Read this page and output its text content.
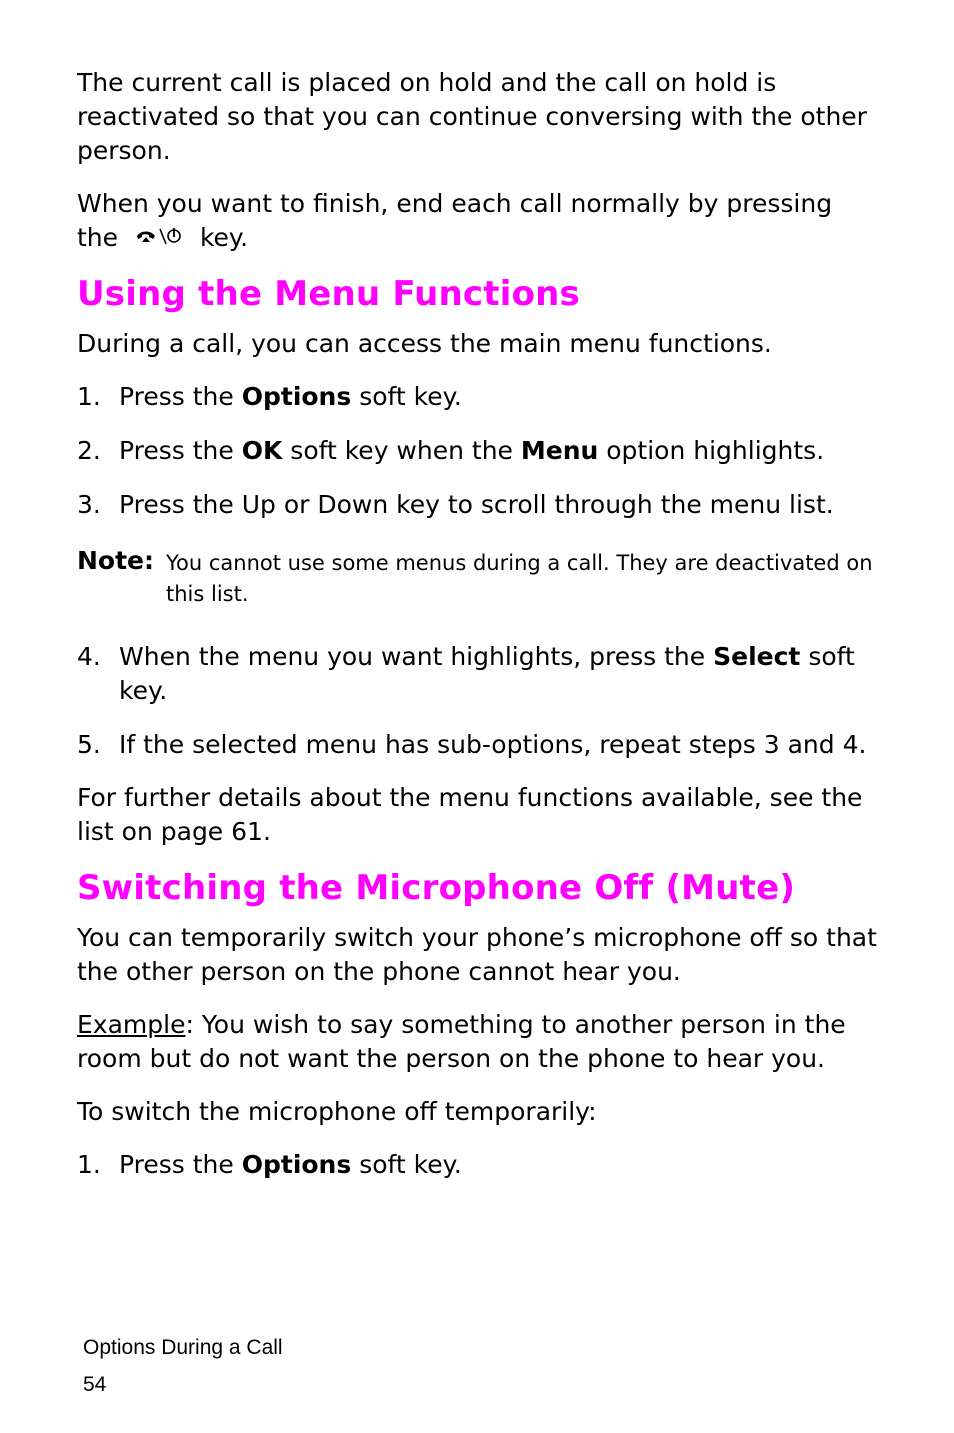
The current call is placed on hold and the call on hold is reactivated so that you can continue conversing with the other person.

When you want to finish, end each call normally by pressing the	key.

Using the Menu Functions

During a call, you can access the main menu functions.

1. Press the Options soft key.
2. Press the OK soft key when the Menu option highlights.
3. Press the Up or Down key to scroll through the menu list.
Note: You cannot use some menus during a call. They are deactivated on this list.
4. When the menu you want highlights, press the Select soft key.
5. If the selected menu has sub-options, repeat steps 3 and 4.

For further details about the menu functions available, see the list on page 61.

Switching the Microphone Off (Mute)

You can temporarily switch your phone’s microphone off so that the other person on the phone cannot hear you.

Example: You wish to say something to another person in the room but do not want the person on the phone to hear you.

To switch the microphone off temporarily:

1. Press the Options soft key.
Options During a Call
54
